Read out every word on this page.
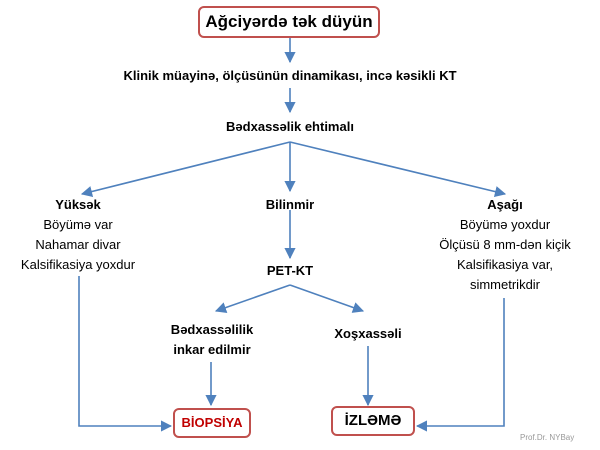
Ağciyərdə tək düyün
Klinik müayinə, ölçüsünün dinamikası, incə kəsikli KT
Bədxassəlik ehtimalı
Yüksək
Böyümə var
Nahamar divar
Kalsifikasiya yoxdur
Bilinmir	Aşağı
Böyümə yoxdur
Ölçüsü 8 mm-dən kiçik
Kalsifikasiya var,
simmetrikdir
PET-KT
Bədxassəlilik
inkar edilmir
Xoşxassəli
BİOPSİYA	İZLƏMƏ
Prof.Dr. NYBay
